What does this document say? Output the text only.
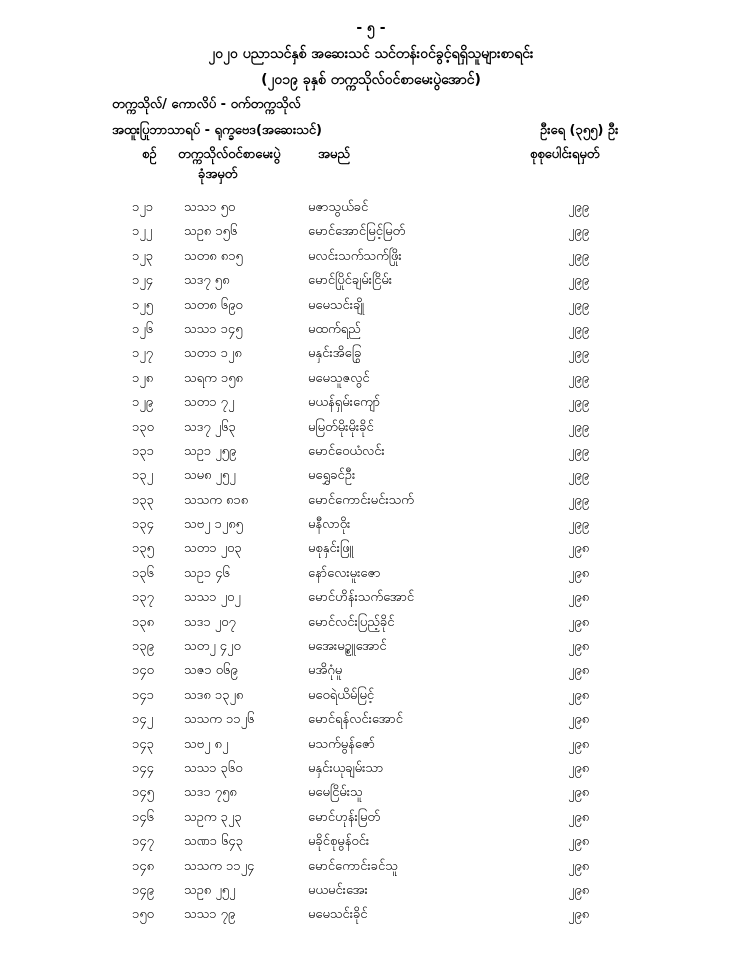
- ၅ -
၂၀၂၀ ပညာသင်နှစ် အဆေးသင် သင်တန်းဝင်ခွင့်ရရှိသူများစာရင်း
(၂၀၁၉ ခုနှစ် တက္ကသိုလ်ဝင်စာမေးပွဲအောင်)
တက္ကသိုလ်/ ကောလိပ် - ဝက်တက္ကသိုလ်
အထူးပြုဘာသာရပ် - ရုက္ခဗေဒ(အဆေးသင်)	ဦးရေ (၃၅၅) ဦး
စဉ် တက္ကသိုလ်ဝင်စာမေးပွဲ
ခုံအမှတ်
အမည်	စုစုပေါင်းရမှတ်
၁၂၁	သသ၁ ၅၀	မဇာသွယ်ခင်	၂၉၉
၁၂၂	သဥ၈ ၁၅၆	မောင်အောင်မြင့်မြတ်	၂၉၉
၁၂၃	သတ၈ ၈၁၅	မလင်းသက်သက်ဖြိုး	၂၉၉
၁၂၄	သဒ၇ ၅၈	မောင်ပြိုင်ချမ်းငြိမ်း	၂၉၉
၁၂၅	သတ၈ ၆၉၀	မမေသင်းချို	၂၉၉
၁၂၆	သသ၁ ၁၄၅	မထက်ရည်	၂၉၉
၁၂၇	သတ၁ ၁၂၈	မနှင်းအိခြွေ	၂၉၉
၁၂၈	သရက ၁၅၈	မမေသူဇလွင်	၂၉၉
၁၂၉	သတ၁ ၇၂	မယန်ရှမ်းကျော်	၂၉၉
၁၃၀	သဒ၇ ၂၆၃	မမြတ်မိုးမိုးခိုင်	၂၉၉
၁၃၁	သဥ၁ ၂၅၉	မောင်ဝေယံလင်း	၂၉၉
၁၃၂	သမ၈ ၂၅၂	မရွှေခင်ဦး	၂၉၉
၁၃၃	သသက ၈၁၈	မောင်ကောင်းမင်းသက်	၂၉၉
၁၃၄	သဗ၂ ၁၂၈၅	မနီလာဝိုး	၂၉၉
၁၃၅	သတ၁ ၂၀၃	မစုနှင်းဖြူ	၂၉၈
၁၃၆	သဥ၁ ၄၆	နော်လေးမူးဇော	၂၉၈
၁၃၇	သသ၁ ၂၀၂	မောင်ဟိန်းသက်အောင်	၂၉၈
၁၃၈	သဒ၁ ၂၀၇	မောင်လင်းပြည့်ခိုင်	၂၉၈
၁၃၉	သတ၂ ၄၂၀	မအေးမဥ္စူအောင်	၂၉၈
၁၄၀	သဇ၁ ၀၆၉	မအိဂုံမူ	၂၉၈
၁၄၁	သဒ၈ ၁၃၂၈	မဝေရဲယိမ်မြင့်	၂၉၈
၁၄၂	သသက ၁၁၂၆	မောင်ရန်လင်းအောင်	၂၉၈
၁၄၃	သဗ၂ ၈၂	မသက်မွန်ဇော်	၂၉၈
၁၄၄	သသ၁ ၃၆၀	မနှင်းယုချမ်းသာ	၂၉၈
၁၄၅	သဒ၁ ၇၅၈	မမေငြိမ်းသူ	၂၉၈
၁၄၆	သဥက ၃၂၃	မောင်ဟုန်းမြတ်	၂၉၈
၁၄၇	သဏ၁ ၆၄၃	မခိုင်စုမွန်ဝင်း	၂၉၈
၁၄၈	သသက ၁၁၂၄	မောင်ကောင်းခင်သူ	၂၉၈
၁၄၉	သဥ၈ ၂၅၂	မယမင်းအေး	၂၉၈
၁၅၀	သသ၁ ၇၉	မမေသင်းခိုင်	၂၉၈
